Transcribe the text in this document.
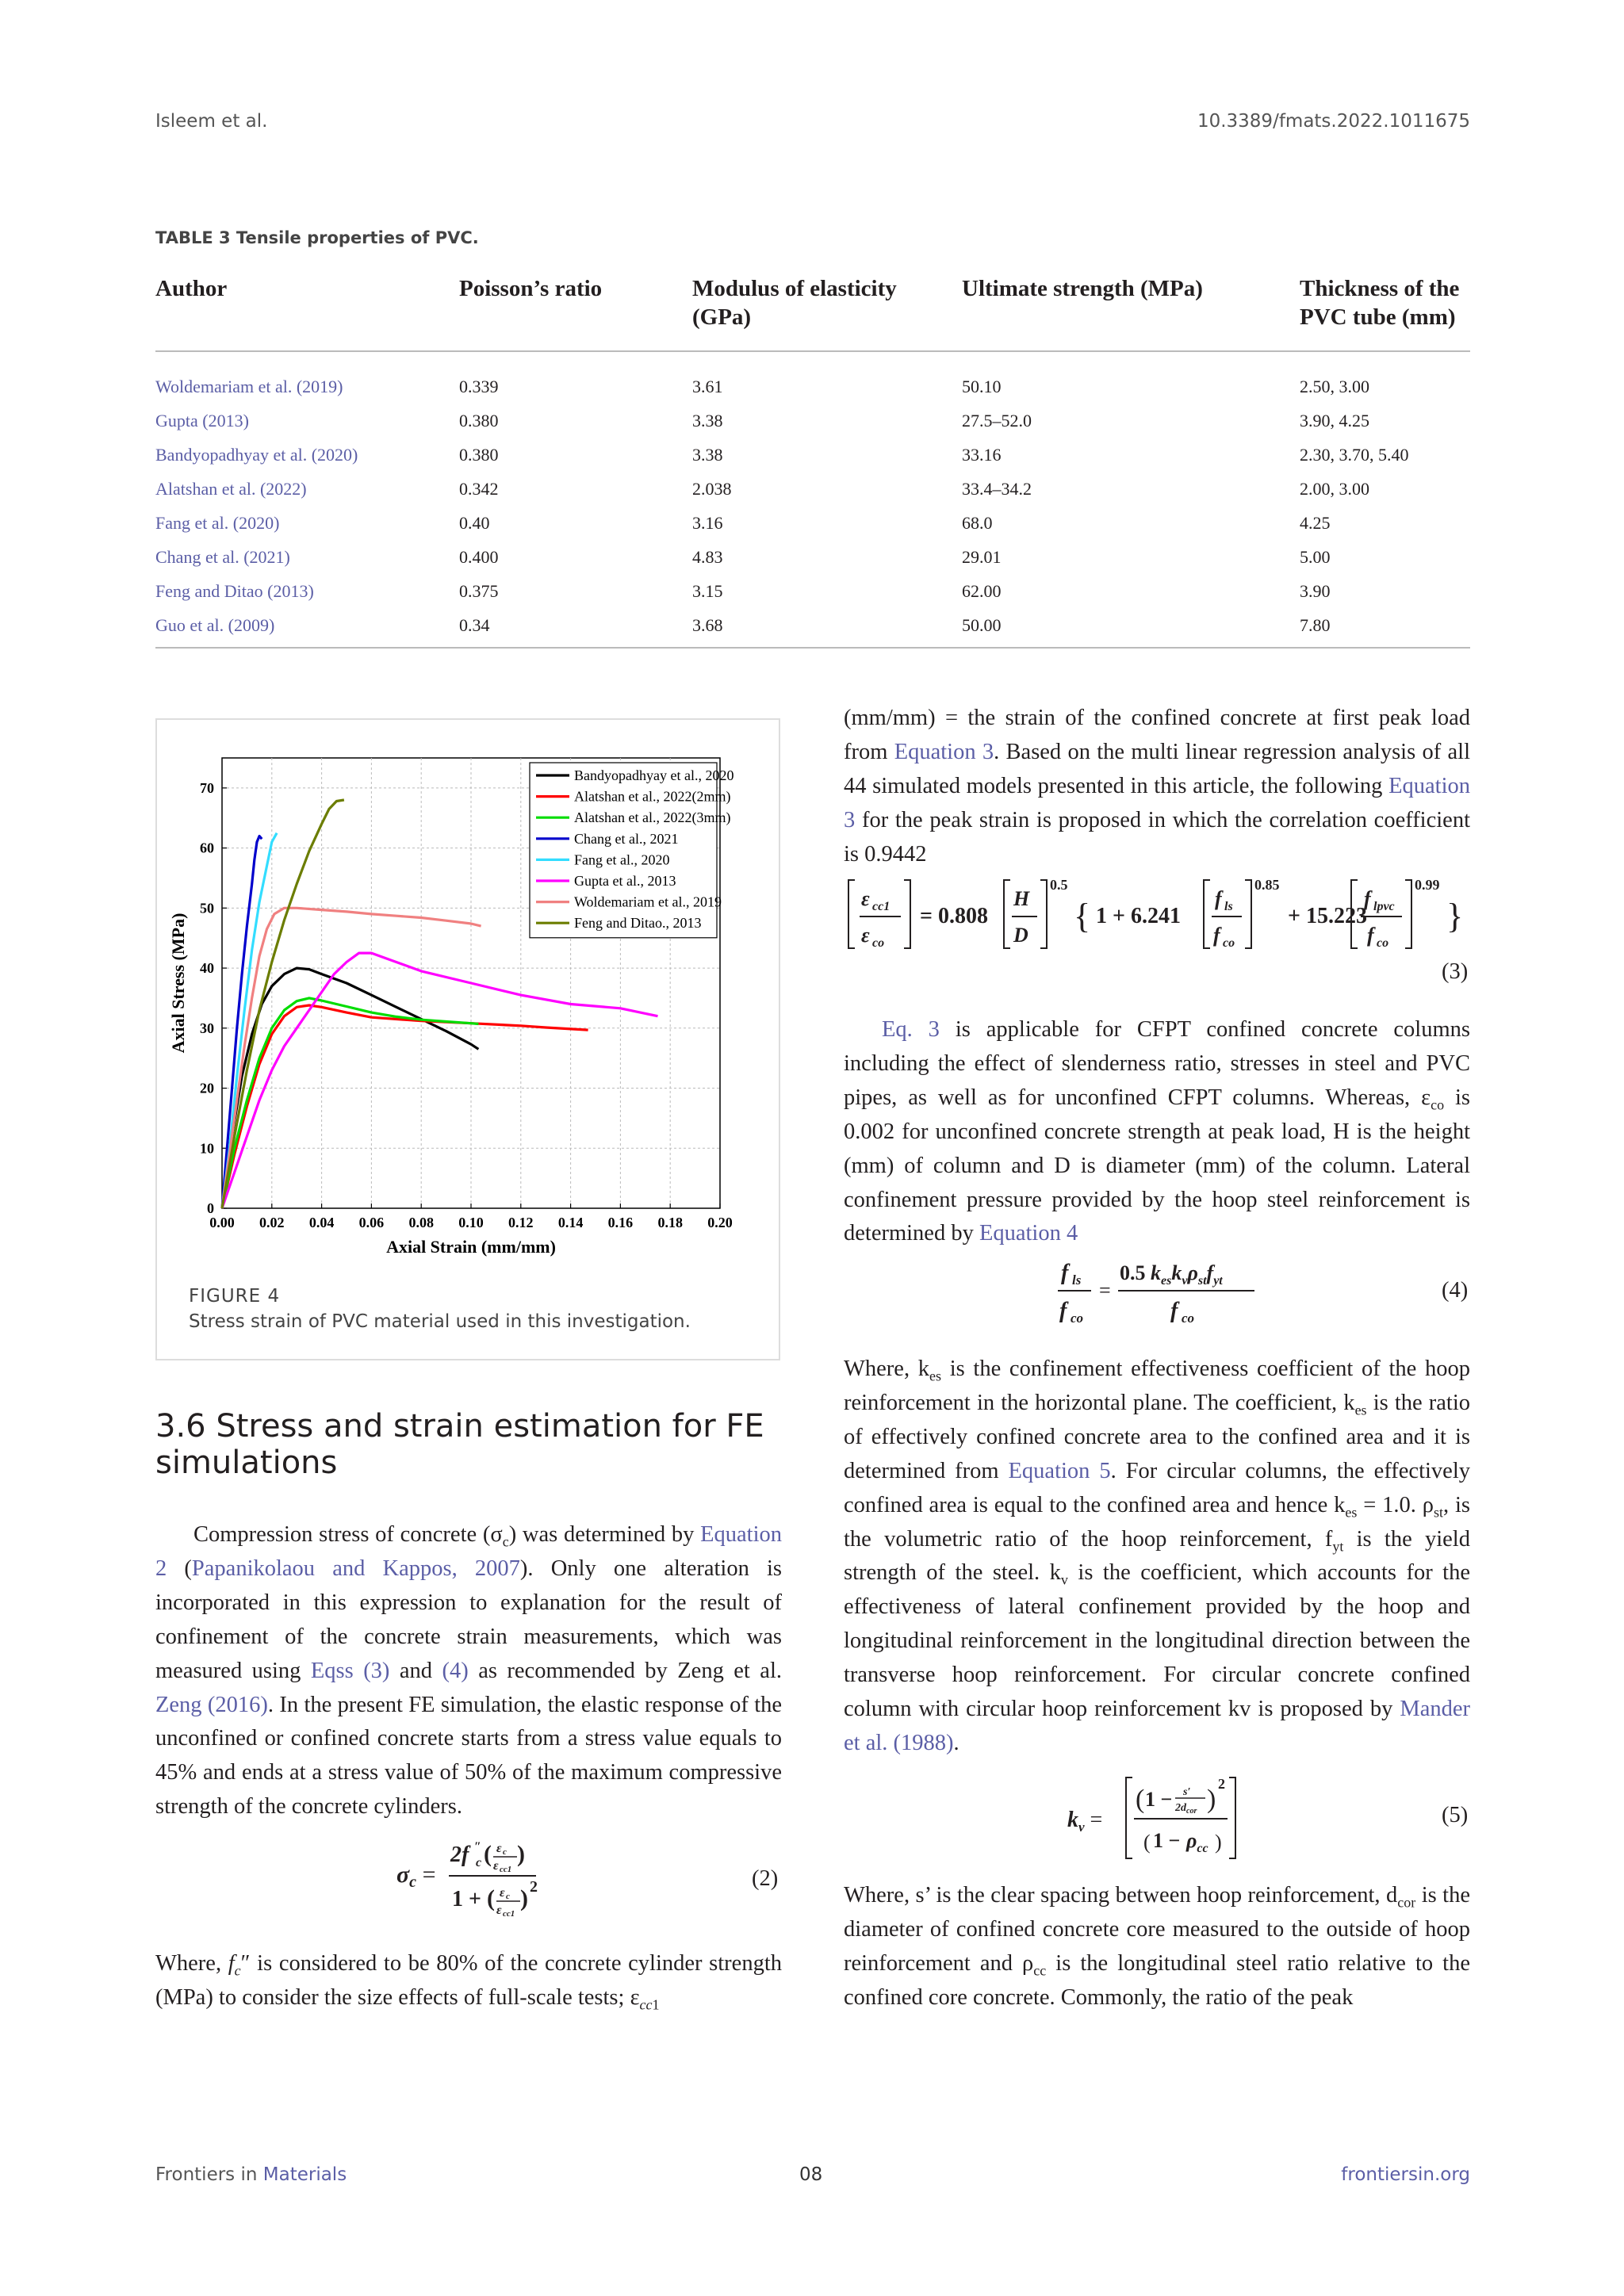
Isleem et al.	10.3389/fmats.2022.1011675
TABLE 3 Tensile properties of PVC.
Author	Poisson’s ratio	Modulus of elasticity (GPa)	Ultimate strength (MPa)	Thickness of the PVC tube (mm)
Woldemariam et al. (2019)	0.339	3.61	50.10	2.50, 3.00
Gupta (2013)	0.380	3.38	27.5–52.0	3.90, 4.25
Bandyopadhyay et al. (2020)	0.380	3.38	33.16	2.30, 3.70, 5.40
Alatshan et al. (2022)	0.342	2.038	33.4–34.2	2.00, 3.00
Fang et al. (2020)	0.40	3.16	68.0	4.25
Chang et al. (2021)	0.400	4.83	29.01	5.00
Feng and Ditao (2013)	0.375	3.15	62.00	3.90
Guo et al. (2009)	0.34	3.68	50.00	7.80
0.00 0.02 0.04 0.06 0.08 0.10 0.12 0.14 0.16 0.18 0.20
0
10
20
30
40
50
60
70
Axial Strain (mm/mm)
Axial Stress (MPa)
Bandyopadhyay et al., 2020
Alatshan et al., 2022(2mm)
Alatshan et al., 2022(3mm)
Chang et al., 2021
Fang et al., 2020
Gupta et al., 2013
Woldemariam et al., 2019
Feng and Ditao., 2013
FIGURE 4
Stress strain of PVC material used in this investigation.
3.6 Stress and strain estimation for FE simulations

Compression stress of concrete $(\sigma_c)$ was determined by Equation 2 (Papanikolaou and Kappos, 2007). Only one alteration is incorporated in this expression to explanation for the result of confinement of the concrete strain measurements, which was measured using Eqss (3) and (4) as recommended by Zeng et al. Zeng (2016). In the present FE simulation, the elastic response of the unconfined or confined concrete starts from a stress value equals to 45% and ends at a stress value of 50% of the maximum compressive strength of the concrete cylinders.

$\sigma_c$ =
2f ″
c ( ε c
ε cc1
)
1 + ( ε c
ε cc1
) 2	(2)

Where, $f_c''$ is considered to be 80% of the concrete cylinder strength (MPa) to consider the size effects of full-scale tests; $\varepsilon_{cc1}$

(mm/mm) = the strain of the confined concrete at first peak load from Equation 3. Based on the multi linear regression analysis of all 44 simulated models presented in this article, the following Equation 3 for the peak strain is proposed in which the correlation coefficient is 0.9442

ε cc1
ε co
= 0.808
H
D
0.5
{ 1 + 6.241
f ls
f co
0.85
+ 15.223
f lpvc
f co
0.99
}
(3)

Eq. 3 is applicable for CFPT confined concrete columns including the effect of slenderness ratio, stresses in steel and PVC pipes, as well as for unconfined CFPT columns. Whereas, $\varepsilon_{co}$ is 0.002 for unconfined concrete strength at peak load, H is the height (mm) of column and D is diameter (mm) of the column. Lateral confinement pressure provided by the hoop steel reinforcement is determined by Equation 4

f ls
f co
=
0.5 $k_{es}k_v\rho_{st}f_{yt}$
f co
(4)

Where, $k_{es}$ is the confinement effectiveness coefficient of the hoop reinforcement in the horizontal plane. The coefficient, $k_{es}$ is the ratio of effectively confined concrete area to the confined area and it is determined from Equation 5. For circular columns, the effectively confined area is equal to the confined area and hence $k_{es} = 1.0$. $\rho_{st}$, is the volumetric ratio of the hoop reinforcement, $f_{yt}$ is the yield strength of the steel. $k_v$ is the coefficient, which accounts for the effectiveness of lateral confinement provided by the hoop and longitudinal reinforcement in the longitudinal direction between the transverse hoop reinforcement. For circular concrete confined column with circular hoop reinforcement kv is proposed by Mander et al. (1988).

$k_v$ =
( 1 − s′
$2d_{cor}$ )
2
( $1 - \rho_{cc}$ )
(5)

Where, s’ is the clear spacing between hoop reinforcement, $d_{cor}$ is the diameter of confined concrete core measured to the outside of hoop reinforcement and $\rho_{cc}$ is the longitudinal steel ratio relative to the confined core concrete. Commonly, the ratio of the peak

Frontiers in Materials	08	frontiersin.org
